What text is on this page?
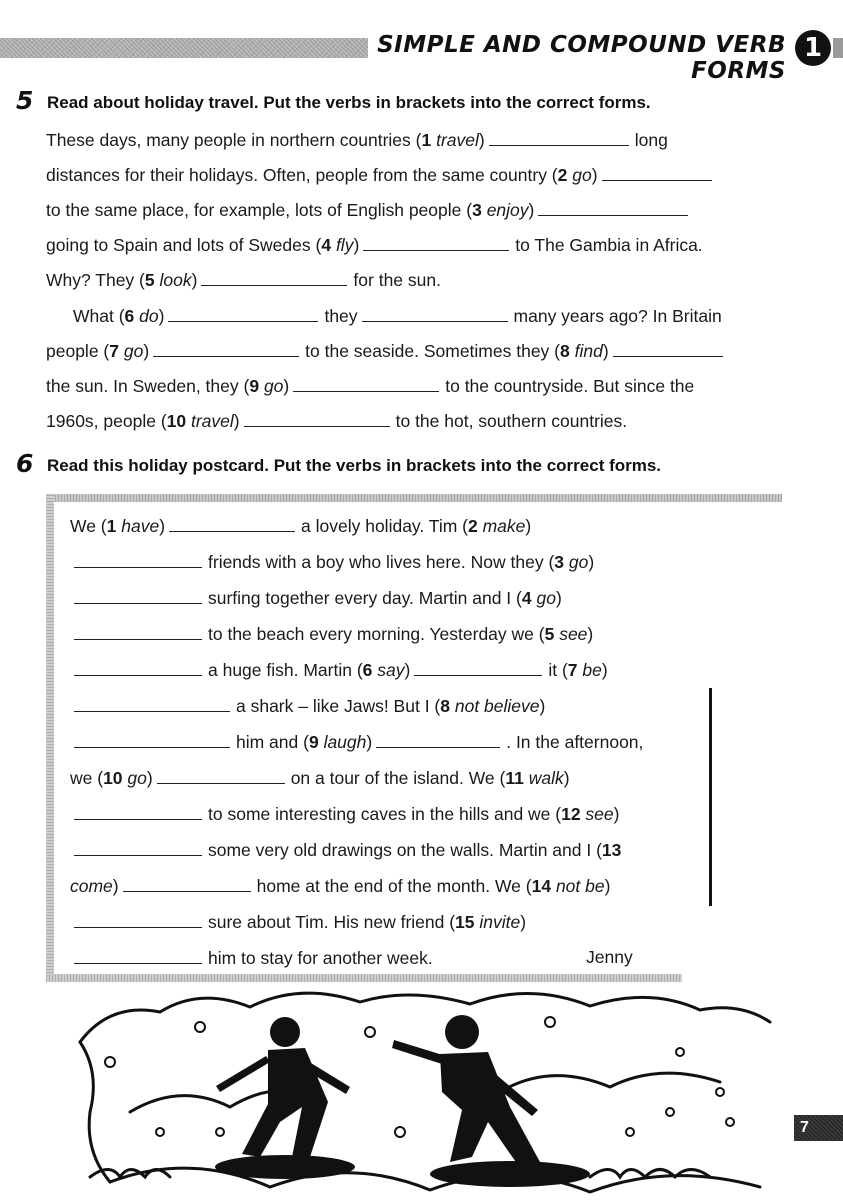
SIMPLE AND COMPOUND VERB FORMS
1
5 Read about holiday travel. Put the verbs in brackets into the correct forms.
These days, many people in northern countries (1 travel)	long
distances for their holidays. Often, people from the same country (2 go)
to the same place, for example, lots of English people (3 enjoy)
going to Spain and lots of Swedes (4 fly)	to The Gambia in Africa.
Why? They (5 look)	for the sun.
What (6 do)	they	many years ago? In Britain
people (7 go)	to the seaside. Sometimes they (8 find)
the sun. In Sweden, they (9 go)	to the countryside. But since the
1960s, people (10 travel)	to the hot, southern countries.
6 Read this holiday postcard. Put the verbs in brackets into the correct forms.
We (1 have)	a lovely holiday. Tim (2 make)
friends with a boy who lives here. Now they (3 go)
surfing together every day. Martin and I (4 go)
to the beach every morning. Yesterday we (5 see)
a huge fish. Martin (6 say)	it (7 be)
a shark – like Jaws! But I (8 not believe)
him and (9 laugh)	. In the afternoon,
we (10 go)	on a tour of the island. We (11 walk)
to some interesting caves in the hills and we (12 see)
some very old drawings on the walls. Martin and I (13
come)	home at the end of the month. We (14 not be)
sure about Tim. His new friend (15 invite)
him to stay for another week.	Jenny
7
